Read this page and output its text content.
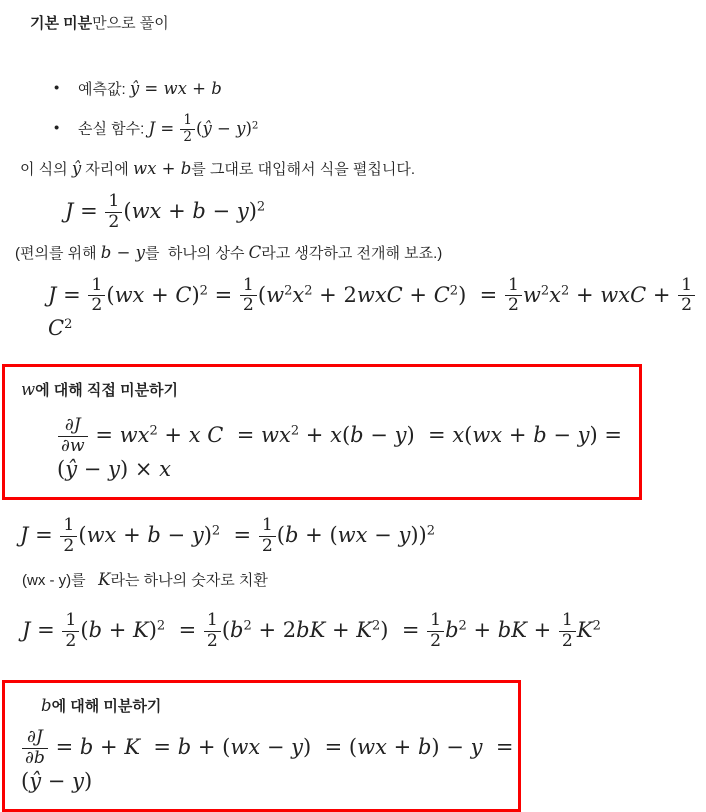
기본 미분만으로 풀이

• 예측값: ŷ = wx + b
• 손실 함수: $J = \frac{1}{2}$ (ŷ − y)$^2$

이 식의 ŷ 자리에 wx + b를 그대로 대입해서 식을 펼칩니다.

$J = \frac{1}{2} (wx + b - y)^2$

(편의를 위해 b − y를  하나의 상수 C라고 생각하고 전개해 보죠.)

$J = \frac{1}{2} (wx + C)^2 = \frac{1}{2} (w^2x^2 + 2wxC + C^2) = \frac{1}{2} w^2x^2$ + wxC + $\frac{1}{2}$
$C^2$

w에 대해 직접 미분하기

$\frac{\partial J}{\partial w} = wx^2 + x$ $C = wx^2 + x(b - y) = x(wx + b - y)$ = (ŷ − y) × x
$J = \frac{1}{2} (wx + b - y)^2 = \frac{1}{2} (b + (wx - y))^2$

(wx - y)를   K라는 하나의 숫자로 치환

$J = \frac{1}{2} (b + K)^2 = \frac{1}{2} (b^2 + 2bK + K^2) = \frac{1}{2} b^2$ + bK + $\frac{1}{2} K^2$

b에 대해 미분하기

$\frac{\partial J}{\partial b} = b + K = b + (wx - y) = (wx + b) - y$ = (ŷ − y)
